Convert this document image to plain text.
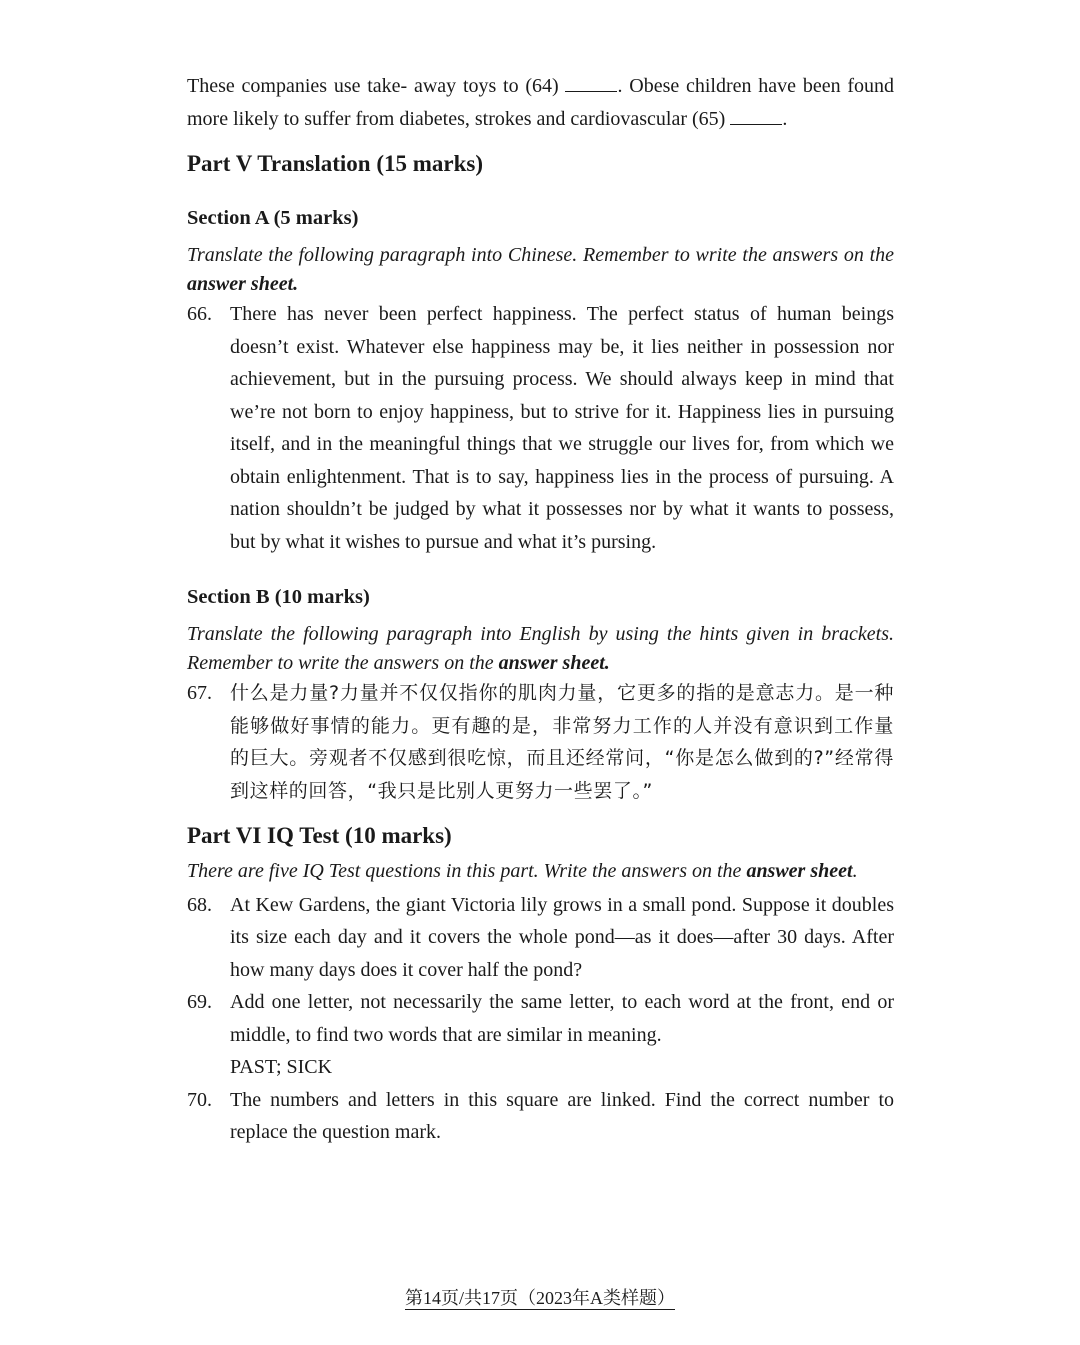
These companies use take- away toys to (64)	. Obese children have been found more likely to suffer from diabetes, strokes and cardiovascular (65)	.

Part V Translation (15 marks)
Section A (5 marks)

Translate the following paragraph into Chinese. Remember to write the answers on the answer sheet.

66. There has never been perfect happiness. The perfect status of human beings doesn’t exist. Whatever else happiness may be, it lies neither in possession nor achievement, but in the pursuing process. We should always keep in mind that we’re not born to enjoy happiness, but to strive for it. Happiness lies in pursuing itself, and in the meaningful things that we struggle our lives for, from which we obtain enlightenment. That is to say, happiness lies in the process of pursuing. A nation shouldn’t be judged by what it possesses nor by what it wants to possess, but by what it wishes to pursue and what it’s pursing.
Section B (10 marks)

Translate the following paragraph into English by using the hints given in brackets. Remember to write the answers on the answer sheet.

67. 什么是力量?力量并不仅仅指你的肌肉力量，它更多的指的是意志力。是一种能够做好事情的能力。更有趣的是，非常努力工作的人并没有意识到工作量的巨大。旁观者不仅感到很吃惊，而且还经常问，“你是怎么做到的?”经常得到这样的回答，“我只是比别人更努力一些罢了。”
Part VI IQ Test (10 marks)

There are five IQ Test questions in this part. Write the answers on the answer sheet.

68. At Kew Gardens, the giant Victoria lily grows in a small pond. Suppose it doubles its size each day and it covers the whole pond—as it does—after 30 days. After how many days does it cover half the pond?
69. Add one letter, not necessarily the same letter, to each word at the front, end or middle, to find two words that are similar in meaning.
PAST; SICK
70. The numbers and letters in this square are linked. Find the correct number to replace the question mark.
第14页/共17页（2023年A类样题）
